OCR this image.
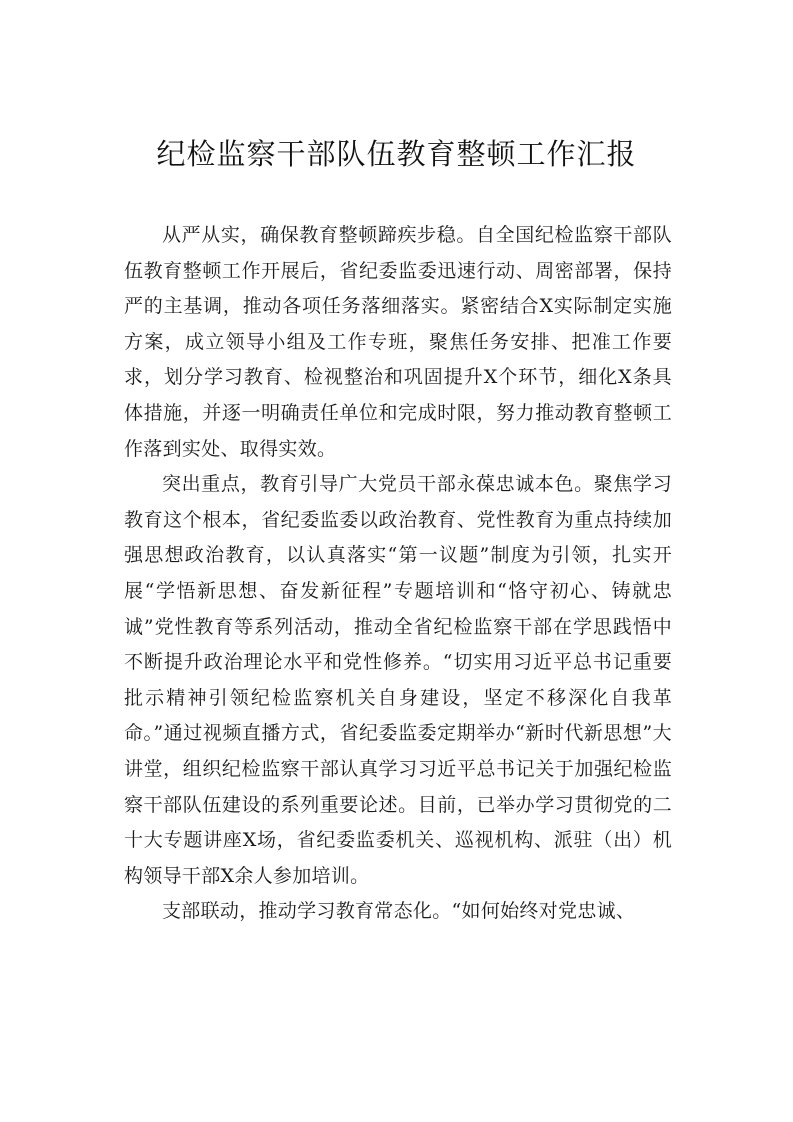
纪检监察干部队伍教育整顿工作汇报

从严从实，确保教育整顿蹄疾步稳。自全国纪检监察干部队伍教育整顿工作开展后，省纪委监委迅速行动、周密部署，保持严的主基调，推动各项任务落细落实。紧密结合X实际制定实施方案，成立领导小组及工作专班，聚焦任务安排、把准工作要求，划分学习教育、检视整治和巩固提升X个环节，细化X条具体措施，并逐一明确责任单位和完成时限，努力推动教育整顿工作落到实处、取得实效。

突出重点，教育引导广大党员干部永葆忠诚本色。聚焦学习教育这个根本，省纪委监委以政治教育、党性教育为重点持续加强思想政治教育，以认真落实“第一议题”制度为引领，扎实开展“学悟新思想、奋发新征程”专题培训和“恪守初心、铸就忠诚”党性教育等系列活动，推动全省纪检监察干部在学思践悟中不断提升政治理论水平和党性修养。“切实用习近平总书记重要批示精神引领纪检监察机关自身建设，坚定不移深化自我革命。”通过视频直播方式，省纪委监委定期举办“新时代新思想”大讲堂，组织纪检监察干部认真学习习近平总书记关于加强纪检监察干部队伍建设的系列重要论述。目前，已举办学习贯彻党的二十大专题讲座X场，省纪委监委机关、巡视机构、派驻（出）机构领导干部X余人参加培训。

支部联动，推动学习教育常态化。“如何始终对党忠诚、
